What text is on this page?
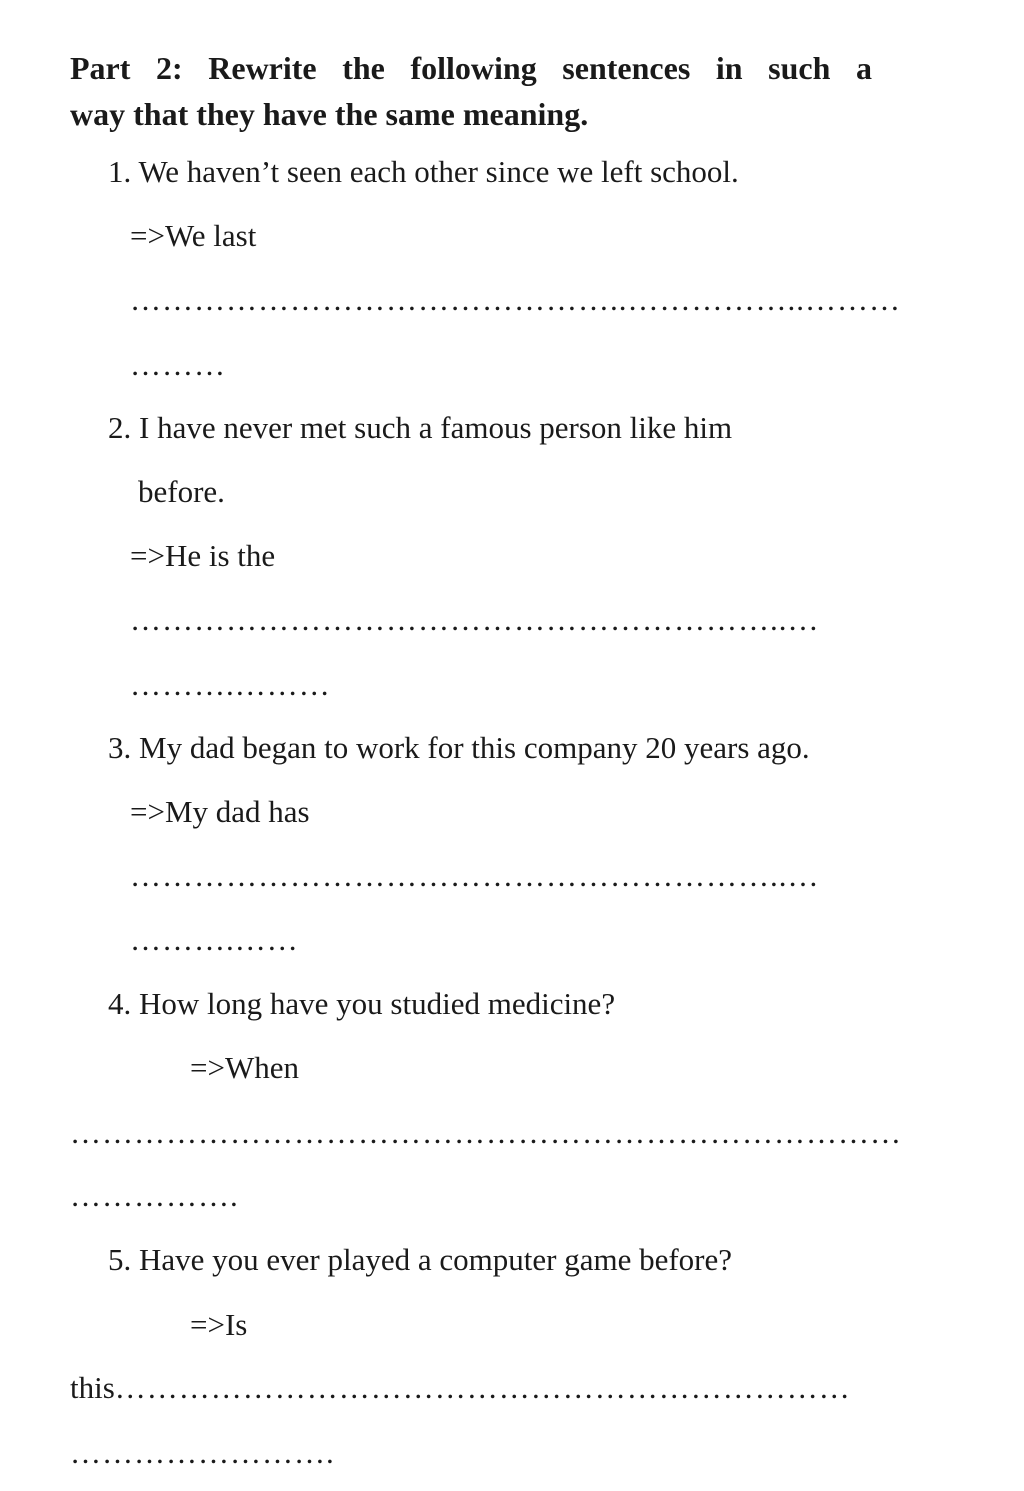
Part 2: Rewrite the following sentences in such a
way that they have the same meaning.
1. We haven’t seen each other since we left school.
=>We last
………………………………………..……………..………
………
2. I have never met such a famous person like him
before.
=>He is the
……………………………………………………..…
……….………
3. My dad began to work for this company 20 years ago.
=>My dad has
……………………………………………………..…
……….……
4. How long have you studied medicine?
=>When
……………………………………………………………………
…………….
5. Have you ever played a computer game before?
=>Is
this……………………………………………………………
…………………….
